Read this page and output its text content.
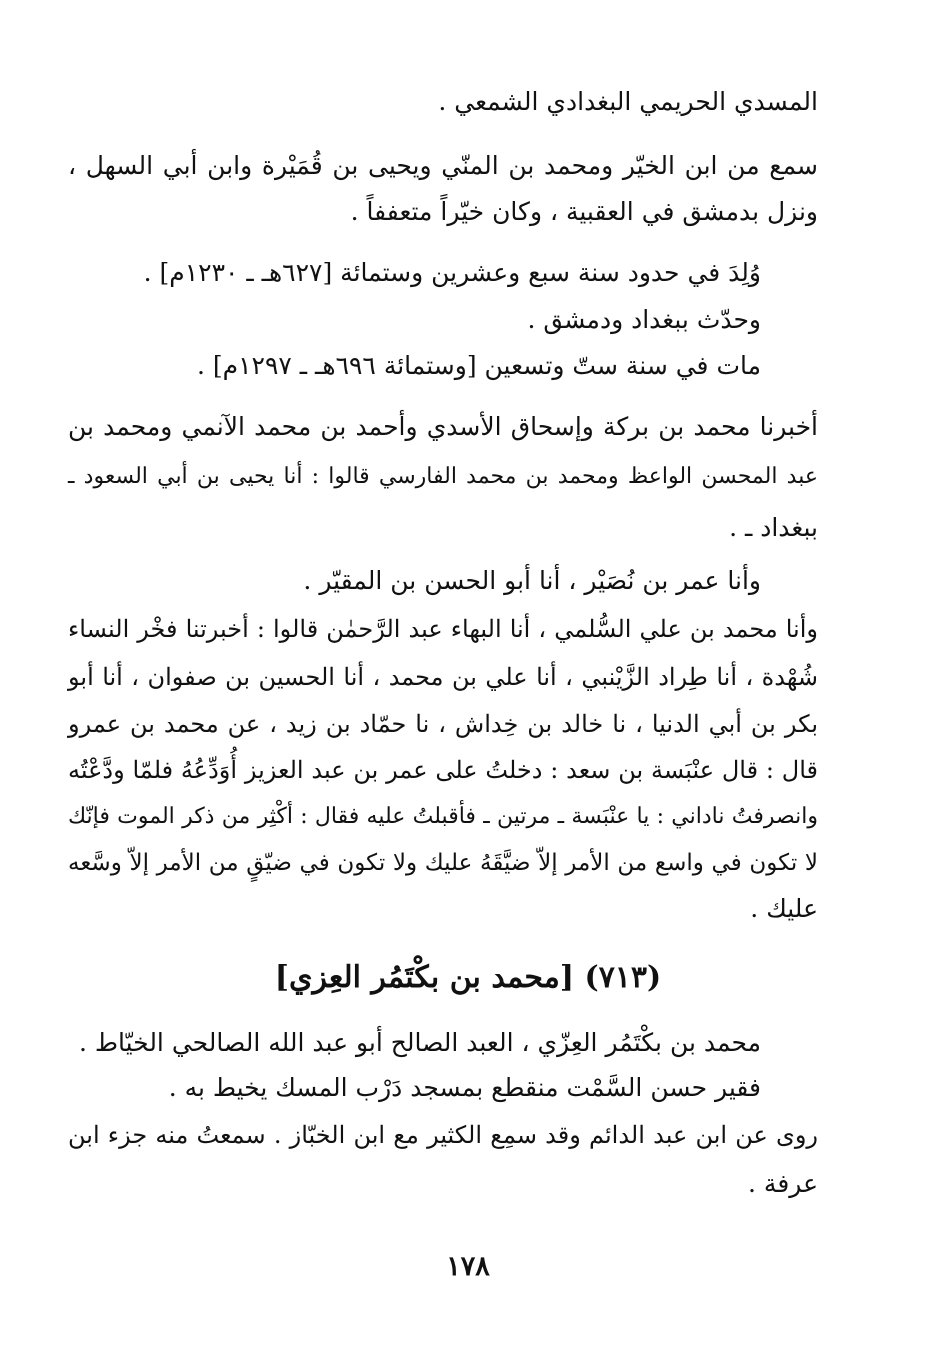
المسدي الحريمي البغدادي الشمعي .
سمع من ابن الخيّر ومحمد بن المنّي ويحيى بن قُمَيْرة وابن أبي السهل ،
ونزل بدمشق في العقبية ، وكان خيّراً متعففاً .
وُلِدَ في حدود سنة سبع وعشرين وستمائة [٦٢٧هـ ـ ١٢٣٠م] .
وحدّث ببغداد ودمشق .
مات في سنة ستّ وتسعين [وستمائة ٦٩٦هـ ـ ١٢٩٧م] .
أخبرنا محمد بن بركة وإسحاق الأسدي وأحمد بن محمد الآنمي ومحمد بن
عبد المحسن الواعظ ومحمد بن محمد الفارسي قالوا : أنا يحيى بن أبي السعود ـ
ببغداد ـ .
وأنا عمر بن نُصَيْر ، أنا أبو الحسن بن المقيّر .
وأنا محمد بن علي السُّلمي ، أنا البهاء عبد الرَّحمٰن قالوا : أخبرتنا فخْر النساء
شُهْدة ، أنا طِراد الزَّيْنبي ، أنا علي بن محمد ، أنا الحسين بن صفوان ، أنا أبو
بكر بن أبي الدنيا ، نا خالد بن خِداش ، نا حمّاد بن زيد ، عن محمد بن عمرو
قال : قال عنْبَسة بن سعد : دخلتُ على عمر بن عبد العزيز أُوَدِّعُهُ فلمّا ودَّعْتُه
وانصرفتُ ناداني : يا عنْبَسة ـ مرتين ـ فأقبلتُ عليه فقال : أكْثِر من ذكر الموت فإنّك
لا تكون في واسع من الأمر إلاّ ضيَّقَهُ عليك ولا تكون في ضيّقٍ من الأمر إلاّ وسَّعه
عليك .
(٧١٣) [محمد بن بكْتَمُر العِزي]
محمد بن بكْتَمُر العِزّي ، العبد الصالح أبو عبد الله الصالحي الخيّاط .
فقير حسن السَّمْت منقطع بمسجد دَرْب المسك يخيط به .
روى عن ابن عبد الدائم وقد سمِع الكثير مع ابن الخبّاز . سمعتُ منه جزء ابن
عرفة .
١٧٨
